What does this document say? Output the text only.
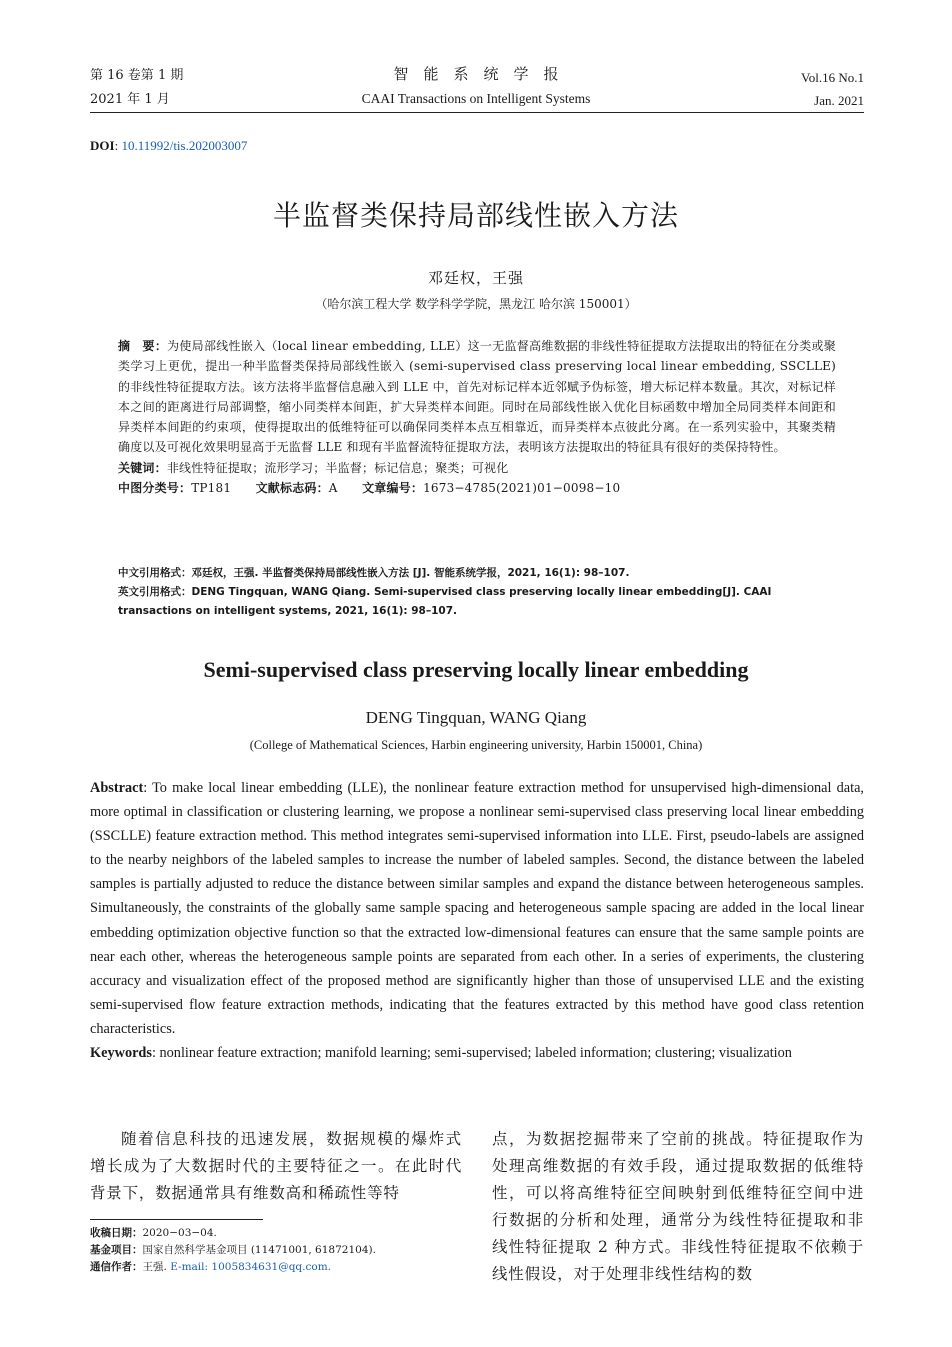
第 16 卷第 1 期
2021 年 1 月
智　能　系　统　学　报
CAAI Transactions on Intelligent Systems
Vol.16 No.1
Jan. 2021
DOI: 10.11992/tis.202003007
半监督类保持局部线性嵌入方法
邓廷权，王强
（哈尔滨工程大学 数学科学学院，黑龙江 哈尔滨 150001）
摘　要：为使局部线性嵌入（local linear embedding, LLE）这一无监督高维数据的非线性特征提取方法提取出的特征在分类或聚类学习上更优，提出一种半监督类保持局部线性嵌入 (semi-supervised class preserving local linear embedding, SSCLLE) 的非线性特征提取方法。该方法将半监督信息融入到 LLE 中，首先对标记样本近邻赋予伪标签，增大标记样本数量。其次，对标记样本之间的距离进行局部调整，缩小同类样本间距，扩大异类样本间距。同时在局部线性嵌入优化目标函数中增加全局同类样本间距和异类样本间距的约束项，使得提取出的低维特征可以确保同类样本点互相靠近，而异类样本点彼此分离。在一系列实验中，其聚类精确度以及可视化效果明显高于无监督 LLE 和现有半监督流特征提取方法，表明该方法提取出的特征具有很好的类保持特性。
关键词：非线性特征提取；流形学习；半监督；标记信息；聚类；可视化
中图分类号：TP181   文献标志码：A   文章编号：1673−4785(2021)01−0098−10
中文引用格式：邓廷权，王强. 半监督类保持局部线性嵌入方法 [J]. 智能系统学报，2021, 16(1): 98–107.
英文引用格式：DENG Tingquan, WANG Qiang. Semi-supervised class preserving locally linear embedding[J]. CAAI transactions on intelligent systems, 2021, 16(1): 98–107.
Semi-supervised class preserving locally linear embedding
DENG Tingquan, WANG Qiang
(College of Mathematical Sciences, Harbin engineering university, Harbin 150001, China)
Abstract: To make local linear embedding (LLE), the nonlinear feature extraction method for unsupervised high-dimensional data, more optimal in classification or clustering learning, we propose a nonlinear semi-supervised class preserving local linear embedding (SSCLLE) feature extraction method. This method integrates semi-supervised information into LLE. First, pseudo-labels are assigned to the nearby neighbors of the labeled samples to increase the number of labeled samples. Second, the distance between the labeled samples is partially adjusted to reduce the distance between similar samples and expand the distance between heterogeneous samples. Simultaneously, the constraints of the globally same sample spacing and heterogeneous sample spacing are added in the local linear embedding optimization objective function so that the extracted low-dimensional features can ensure that the same sample points are near each other, whereas the heterogeneous sample points are separated from each other. In a series of experiments, the clustering accuracy and visualization effect of the proposed method are significantly higher than those of unsupervised LLE and the existing semi-supervised flow feature extraction methods, indicating that the features extracted by this method have good class retention characteristics.
Keywords: nonlinear feature extraction; manifold learning; semi-supervised; labeled information; clustering; visualization
随着信息科技的迅速发展，数据规模的爆炸式增长成为了大数据时代的主要特征之一。在此时代背景下，数据通常具有维数高和稀疏性等特
点，为数据挖掘带来了空前的挑战。特征提取作为处理高维数据的有效手段，通过提取数据的低维特性，可以将高维特征空间映射到低维特征空间中进行数据的分析和处理，通常分为线性特征提取和非线性特征提取 2 种方式。非线性特征提取不依赖于线性假设，对于处理非线性结构的数
收稿日期：2020−03−04.
基金项目：国家自然科学基金项目 (11471001, 61872104).
通信作者：王强. E-mail: 1005834631@qq.com.
